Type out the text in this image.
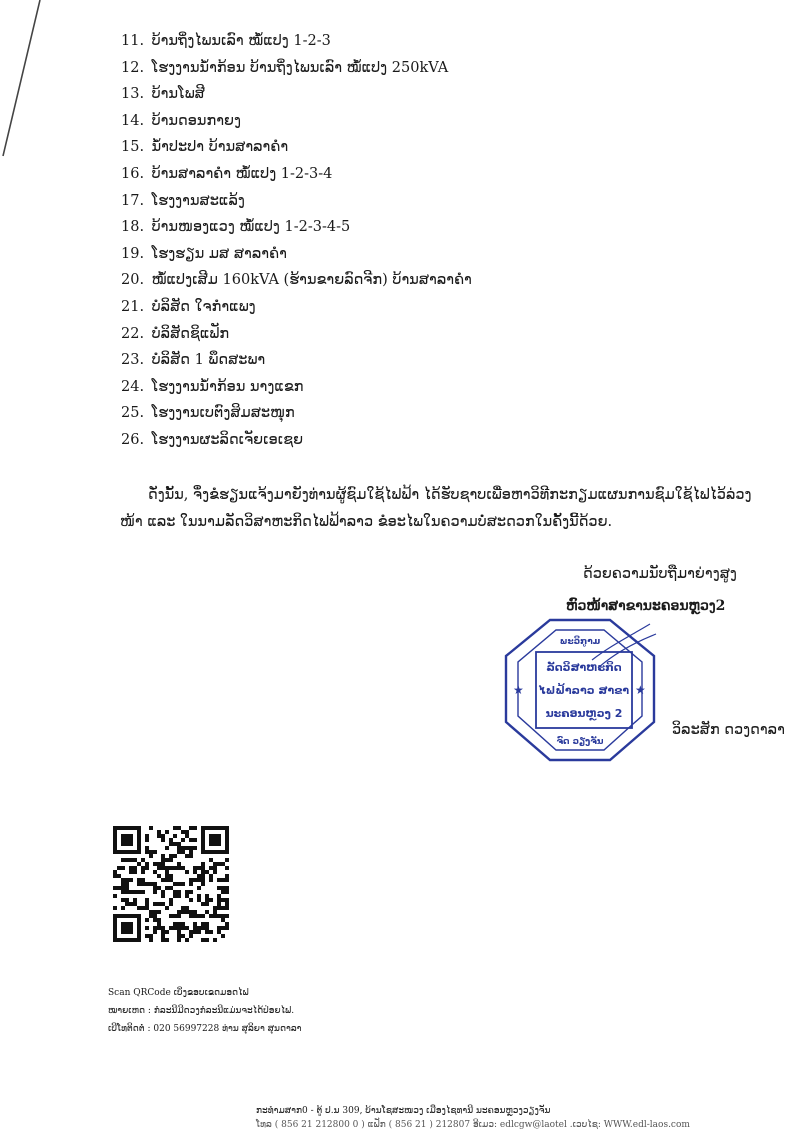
11. ບ້ານຖິ່ງໄພນເລົາ ໝໍ້ແປງ 1-2-3
12. ໂຮງງານນໍ້າກ້ອນ ບ້ານຖິ່ງໄພນເລົາ ໝໍ້ແປງ 250kVA
13. ບ້ານໂພສີ
14. ບ້ານດອນກາຍງ
15. ນໍ້າປະປາ ບ້ານສາລາຄໍາ
16. ບ້ານສາລາຄໍາ ໝໍ້ແປງ 1-2-3-4
17. ໂຮງງານສະແລ້ງ
18. ບ້ານໜອງແວງ ໝໍ້ແປງ 1-2-3-4-5
19. ໂຮງຮຽນ ມສ ສາລາຄໍາ
20. ໝໍ້ແປງເສີມ 160kVA (ຮ້ານຂາຍລົດຈີກ) ບ້ານສາລາຄໍາ
21. ບໍລິສັດ ໃຈກໍາແພງ
22. ບໍລິສັດຊິແຟັກ
23. ບໍລິສັດ 1 ພຶດສະພາ
24. ໂຮງງານນໍ້າກ້ອນ ນາງແຂກ
25. ໂຮງງານເບຕົງສິມສະໜຸກ
26. ໂຮງງານຜະລິດເຈັຍເອເຊຍ
ດັ່ງນັ້ນ, ຈຶ່ງຂໍຮຽນແຈ້ງມາຍັງທ່ານຜູ້ຊົມໃຊ້ໄຟຟ້າ ໄດ້ຮັບຊາບເພື່ອຫາວິທີກະກຽມແຜນການຊົມໃຊ້ໄຟໄວ້ລ່ວງ
ໜ້າ ແລະ ໃນນາມລັດວິສາຫະກິດໄຟຟ້າລາວ ຂໍອະໄພໃນຄວາມບໍ່ສະດວກໃນຄັ້ງນີ້ດ້ວຍ.
ດ້ວຍຄວາມນັບຖືມາຍ່າງສູງ
ຫົວໜ້າສາຂານະຄອນຫຼວງ2
ພະວິກູາມ
ລັດວິສາຫະກິດ
ໄຟຟ້າລາວ ສາຂາ
ນະຄອນຫຼວງ 2
ຈົດ ວຽງຈັນ
★	★
ວິລະສັກ ດວງດາລາ
Scan QRCode ເບິ່ງຂອບເຂດມອດໄຟ
ໝາຍເຫດ : ກໍລະນີມີດວງກໍລະນີແມ່ນຈະໄດ້ປ່ອຍໄຟ.
ເບີໂທຕິດຕໍ່ : 020 56997228 ທ່ານ ສຸລິຍາ ສຸນດາລາ
ກະທໍາມສາກ0 - ຕູ້ ປ.ນ 309, ບ້ານໂຊສະໜວງ ເມືອງໄຊທານີ ນະຄອນຫຼວງວຽງຈັນ
ໂທລ ( 856 21 212800 0 ) ແຟັກ ( 856 21 ) 212807 ອີເມວ: edlcgw@laotel .ເວບໄຊ: WWW.edl-laos.com
